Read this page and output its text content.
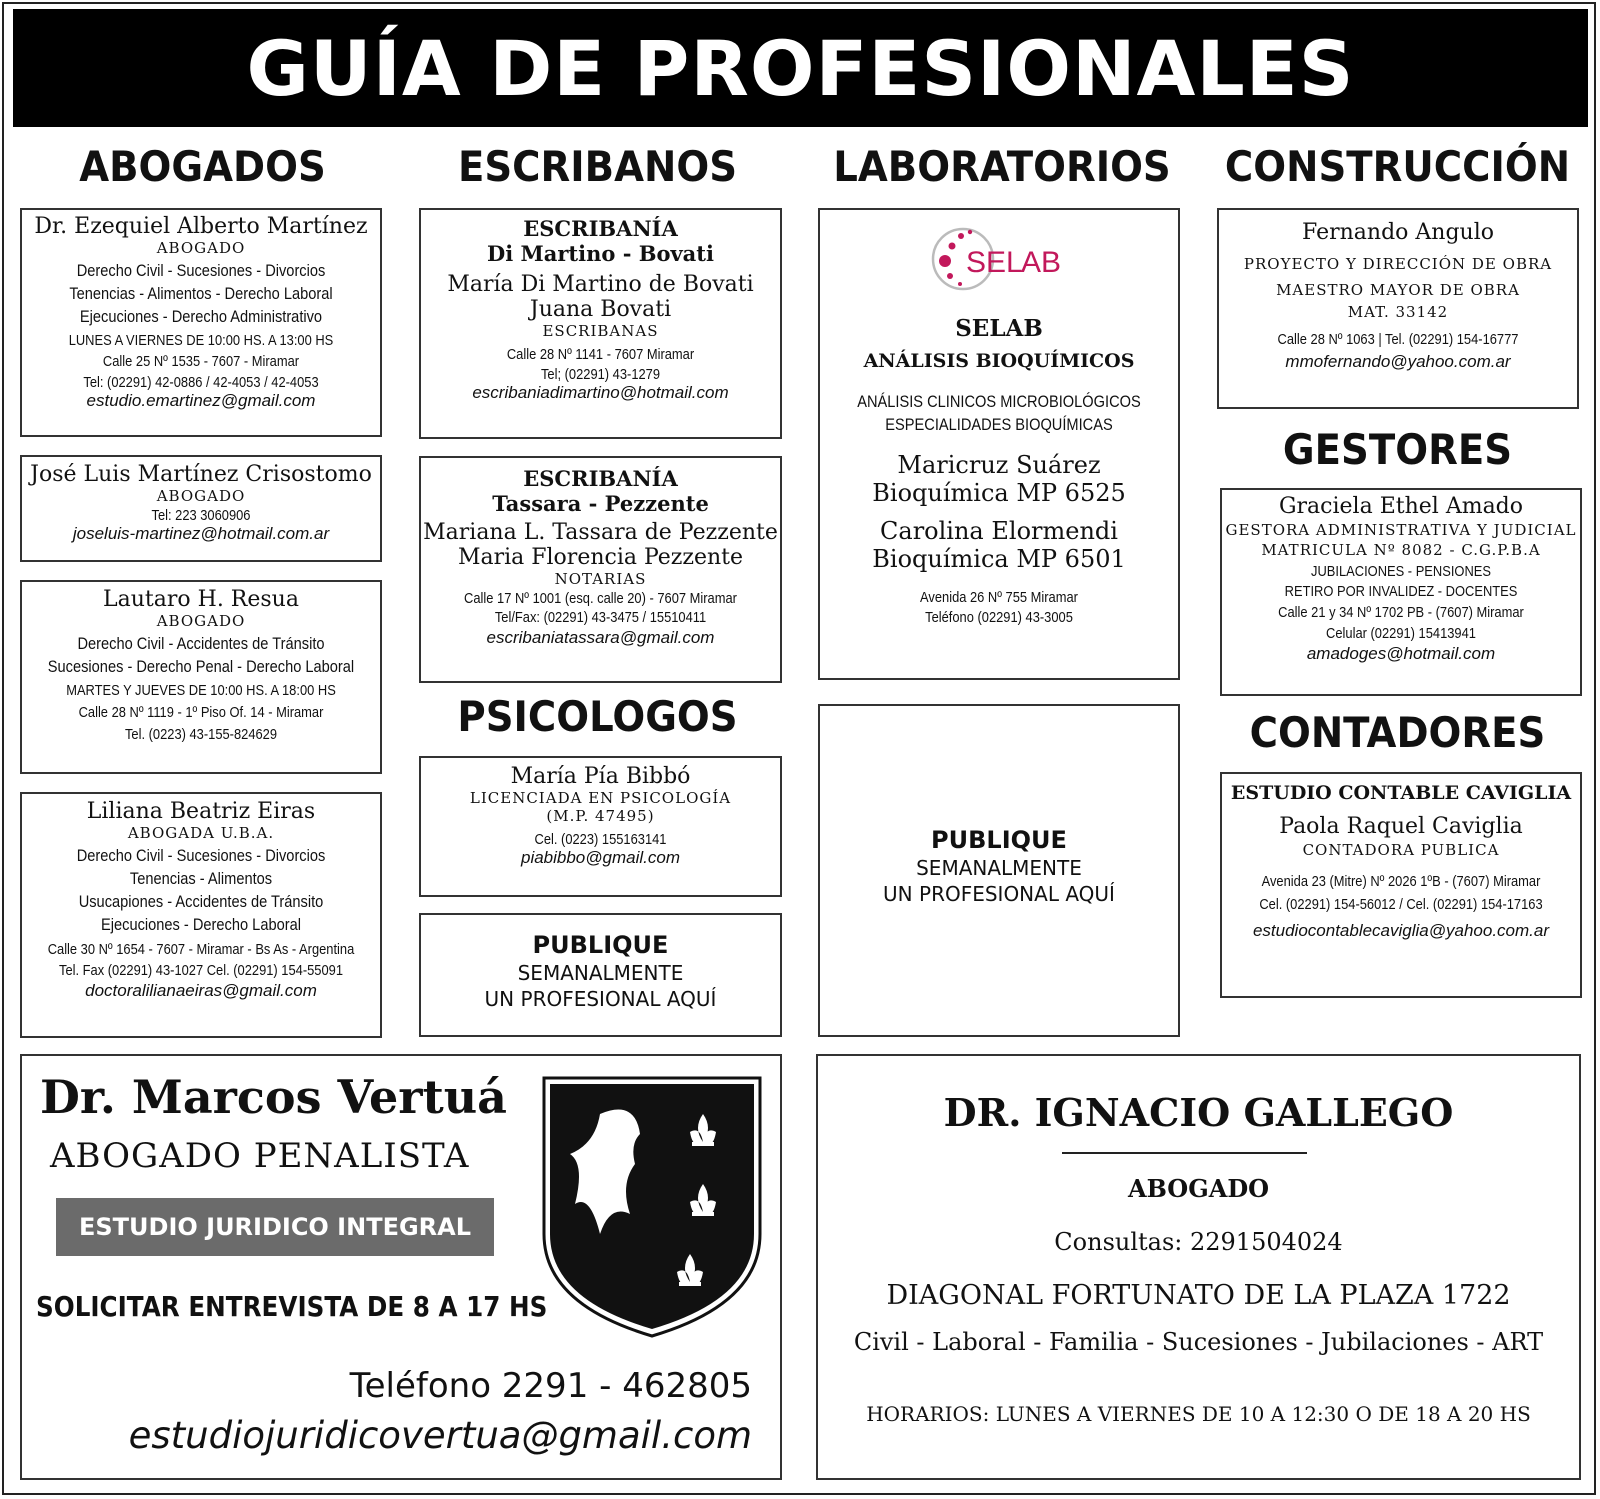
GUÍA DE PROFESIONALES
ABOGADOS	ESCRIBANOS	LABORATORIOS CONSTRUCCIÓN
GESTORES
CONTADORES
PSICOLOGOS
Dr. Ezequiel Alberto Martínez
ABOGADO
Derecho Civil - Sucesiones - Divorcios
Tenencias - Alimentos - Derecho Laboral
Ejecuciones - Derecho Administrativo
LUNES A VIERNES DE 10:00 HS. A 13:00 HS
Calle 25 Nº 1535 - 7607 - Miramar
Tel: (02291) 42-0886 / 42-4053 / 42-4053
estudio.emartinez@gmail.com
José Luis Martínez Crisostomo
ABOGADO
Tel: 223 3060906
joseluis-martinez@hotmail.com.ar
Lautaro H. Resua
ABOGADO
Derecho Civil - Accidentes de Tránsito
Sucesiones - Derecho Penal - Derecho Laboral
MARTES Y JUEVES DE 10:00 HS. A 18:00 HS
Calle 28 Nº 1119 - 1º Piso Of. 14 - Miramar
Tel. (0223) 43-155-824629
Liliana Beatriz Eiras
ABOGADA U.B.A.
Derecho Civil - Sucesiones - Divorcios
Tenencias - Alimentos
Usucapiones - Accidentes de Tránsito
Ejecuciones - Derecho Laboral
Calle 30 Nº 1654 - 7607 - Miramar - Bs As - Argentina
Tel. Fax (02291) 43-1027 Cel. (02291) 154-55091
doctoralilianaeiras@gmail.com
ESCRIBANÍA
Di Martino - Bovati
María Di Martino de Bovati
Juana Bovati
ESCRIBANAS
Calle 28 Nº 1141 - 7607 Miramar
Tel; (02291) 43-1279
escribaniadimartino@hotmail.com
ESCRIBANÍA
Tassara - Pezzente
Mariana L. Tassara de Pezzente
Maria Florencia Pezzente
NOTARIAS
Calle 17 Nº 1001 (esq. calle 20) - 7607 Miramar
Tel/Fax: (02291) 43-3475 / 15510411
escribaniatassara@gmail.com
María Pía Bibbó
LICENCIADA EN PSICOLOGÍA
(M.P. 47495)
Cel. (0223) 155163141
piabibbo@gmail.com
PUBLIQUE
SEMANALMENTE
UN PROFESIONAL AQUÍ
SEL
AB
SELAB
ANÁLISIS BIOQUÍMICOS
ANÁLISIS CLINICOS MICROBIOLÓGICOS
ESPECIALIDADES BIOQUÍMICAS
Maricruz Suárez
Bioquímica MP 6525
Carolina Elormendi
Bioquímica MP 6501
Avenida 26 Nº 755 Miramar
Teléfono (02291) 43-3005
PUBLIQUE
SEMANALMENTE
UN PROFESIONAL AQUÍ
Fernando Angulo
PROYECTO Y DIRECCIÓN DE OBRA
MAESTRO MAYOR DE OBRA
MAT. 33142
Calle 28 Nº 1063 | Tel. (02291) 154-16777
mmofernando@yahoo.com.ar
Graciela Ethel Amado
GESTORA ADMINISTRATIVA Y JUDICIAL
MATRICULA Nº 8082 - C.G.P.B.A
JUBILACIONES - PENSIONES
RETIRO POR INVALIDEZ - DOCENTES
Calle 21 y 34 Nº 1702 PB - (7607) Miramar
Celular (02291) 15413941
amadoges@hotmail.com
ESTUDIO CONTABLE CAVIGLIA
Paola Raquel Caviglia
CONTADORA PUBLICA
Avenida 23 (Mitre) Nº 2026 1ºB - (7607) Miramar
Cel. (02291) 154-56012 / Cel. (02291) 154-17163
estudiocontablecaviglia@yahoo.com.ar
Dr. Marcos Vertuá
ABOGADO PENALISTA
ESTUDIO JURIDICO INTEGRAL
SOLICITAR ENTREVISTA DE 8 A 17 HS
Teléfono 2291 - 462805
estudiojuridicovertua@gmail.com
DR. IGNACIO GALLEGO
ABOGADO
Consultas: 2291504024
DIAGONAL FORTUNATO DE LA PLAZA 1722
Civil - Laboral - Familia - Sucesiones - Jubilaciones - ART
HORARIOS: LUNES A VIERNES DE 10 A 12:30 O DE 18 A 20 HS
